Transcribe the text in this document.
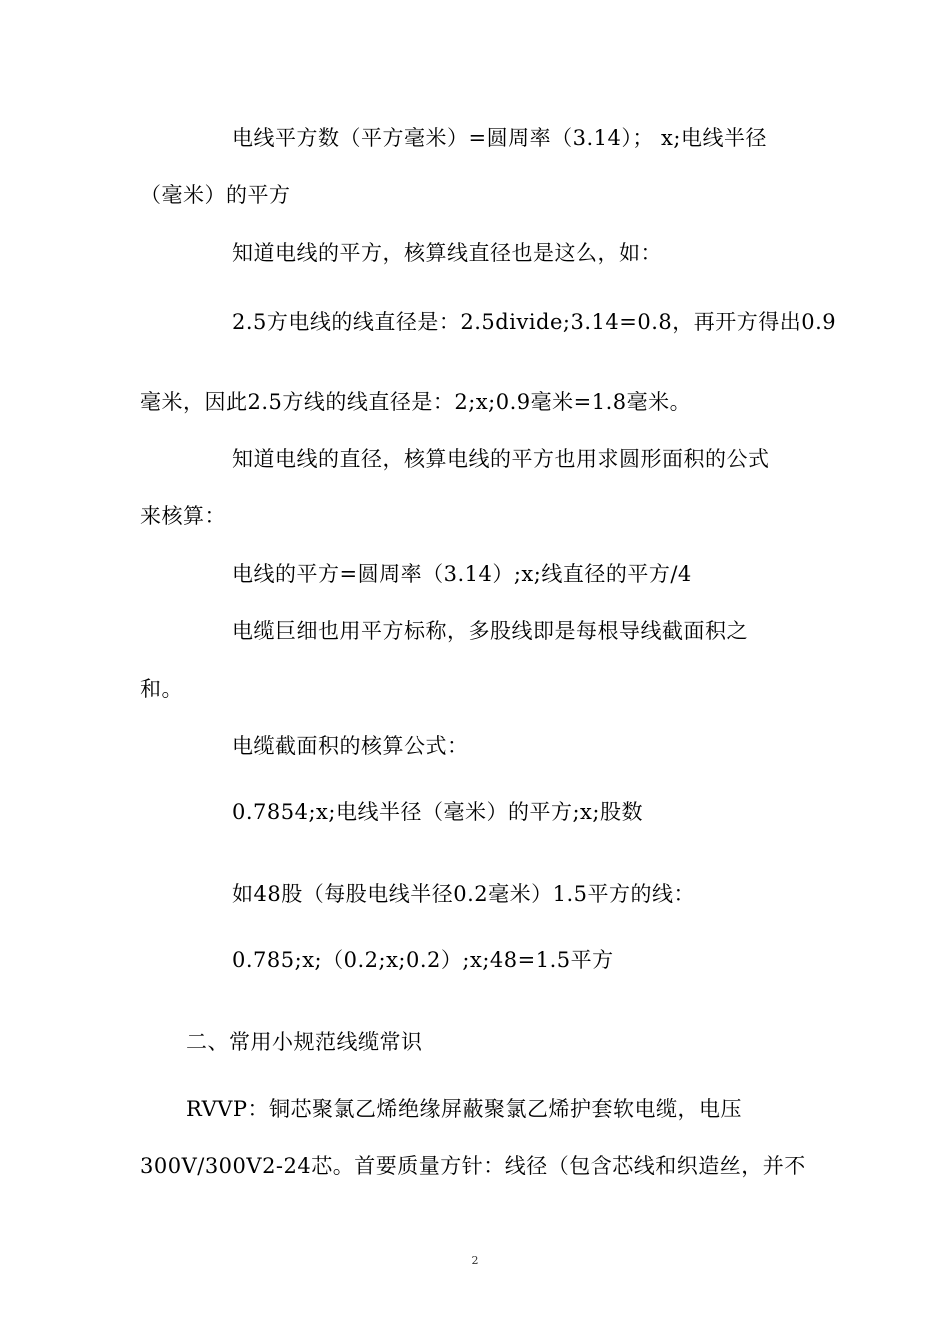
电线平方数（平方毫米）=圆周率（3.14）； x;电线半径
（毫米）的平方
知道电线的平方，核算线直径也是这么，如：
2.5方电线的线直径是：2.5divide;3.14=0.8，再开方得出0.9
毫米，因此2.5方线的线直径是：2;x;0.9毫米=1.8毫米。
知道电线的直径，核算电线的平方也用求圆形面积的公式
来核算：
电线的平方=圆周率（3.14）;x;线直径的平方/4
电缆巨细也用平方标称，多股线即是每根导线截面积之
和。
电缆截面积的核算公式：
0.7854;x;电线半径（毫米）的平方;x;股数
如48股（每股电线半径0.2毫米）1.5平方的线：
0.785;x;（0.2;x;0.2）;x;48=1.5平方
二、常用小规范线缆常识
RVVP：铜芯聚氯乙烯绝缘屏蔽聚氯乙烯护套软电缆，电压
300V/300V2-24芯。首要质量方针：线径（包含芯线和织造丝，并不
2
